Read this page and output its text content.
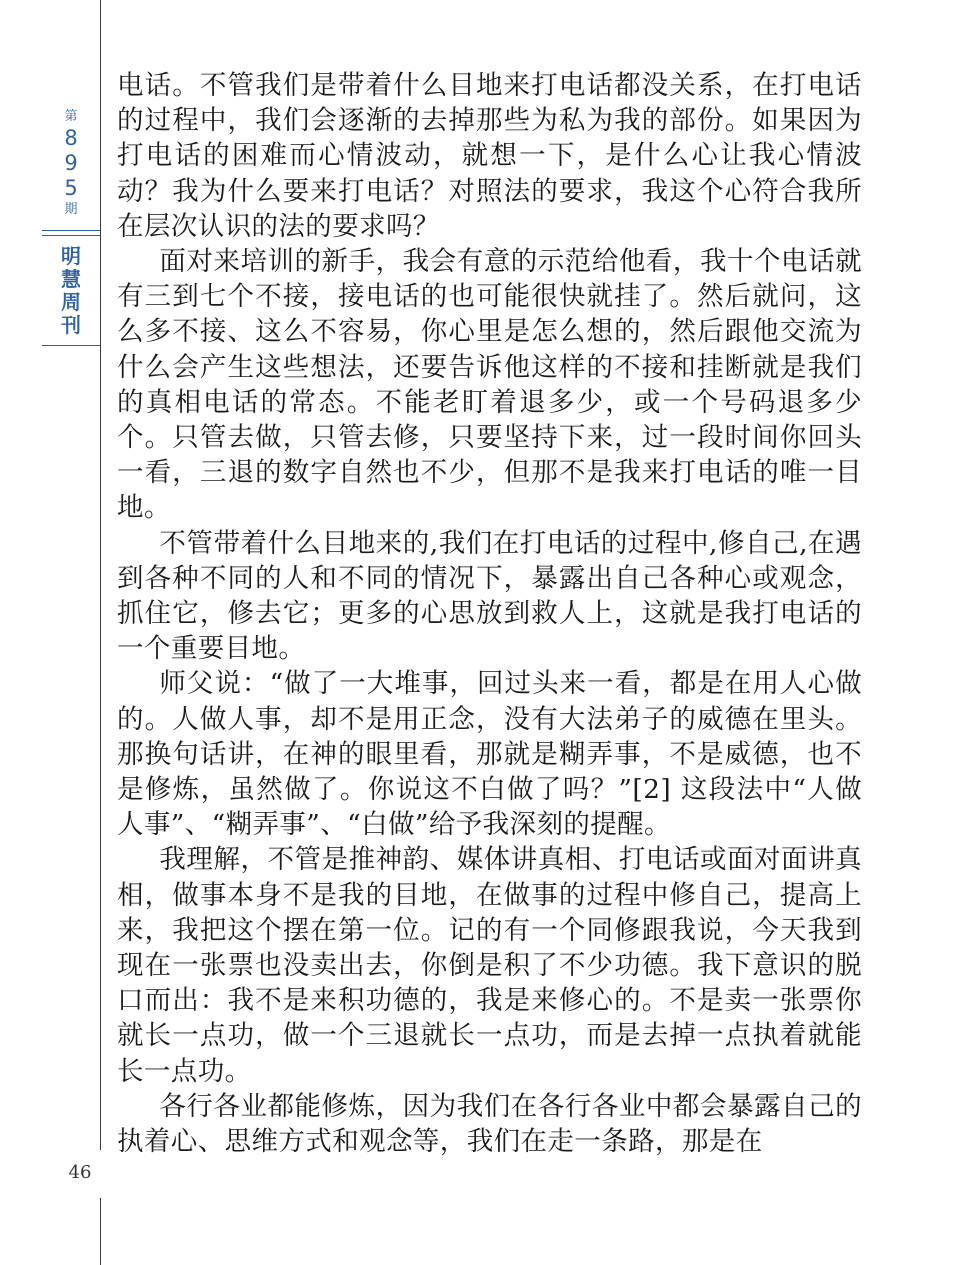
第
8
9
5
期
明
慧
周
刊
46

电话。不管我们是带着什么目地来打电话都没关系，在打电话的过程中，我们会逐渐的去掉那些为私为我的部份。如果因为打电话的困难而心情波动，就想一下，是什么心让我心情波动？我为什么要来打电话？对照法的要求，我这个心符合我所在层次认识的法的要求吗？

面对来培训的新手，我会有意的示范给他看，我十个电话就有三到七个不接，接电话的也可能很快就挂了。然后就问，这么多不接、这么不容易，你心里是怎么想的，然后跟他交流为什么会产生这些想法，还要告诉他这样的不接和挂断就是我们的真相电话的常态。不能老盯着退多少，或一个号码退多少个。只管去做，只管去修，只要坚持下来，过一段时间你回头一看，三退的数字自然也不少，但那不是我来打电话的唯一目地。

不管带着什么目地来的,我们在打电话的过程中,修自己,在遇到各种不同的人和不同的情况下，暴露出自己各种心或观念，抓住它，修去它；更多的心思放到救人上，这就是我打电话的一个重要目地。

师父说：“做了一大堆事，回过头来一看，都是在用人心做的。人做人事，却不是用正念，没有大法弟子的威德在里头。那换句话讲，在神的眼里看，那就是糊弄事，不是威德，也不是修炼，虽然做了。你说这不白做了吗？”[2] 这段法中“人做人事”、“糊弄事”、“白做”给予我深刻的提醒。

我理解，不管是推神韵、媒体讲真相、打电话或面对面讲真相，做事本身不是我的目地，在做事的过程中修自己，提高上来，我把这个摆在第一位。记的有一个同修跟我说，今天我到现在一张票也没卖出去，你倒是积了不少功德。我下意识的脱口而出：我不是来积功德的，我是来修心的。不是卖一张票你就长一点功，做一个三退就长一点功，而是去掉一点执着就能长一点功。

各行各业都能修炼，因为我们在各行各业中都会暴露自己的执着心、思维方式和观念等，我们在走一条路，那是在
